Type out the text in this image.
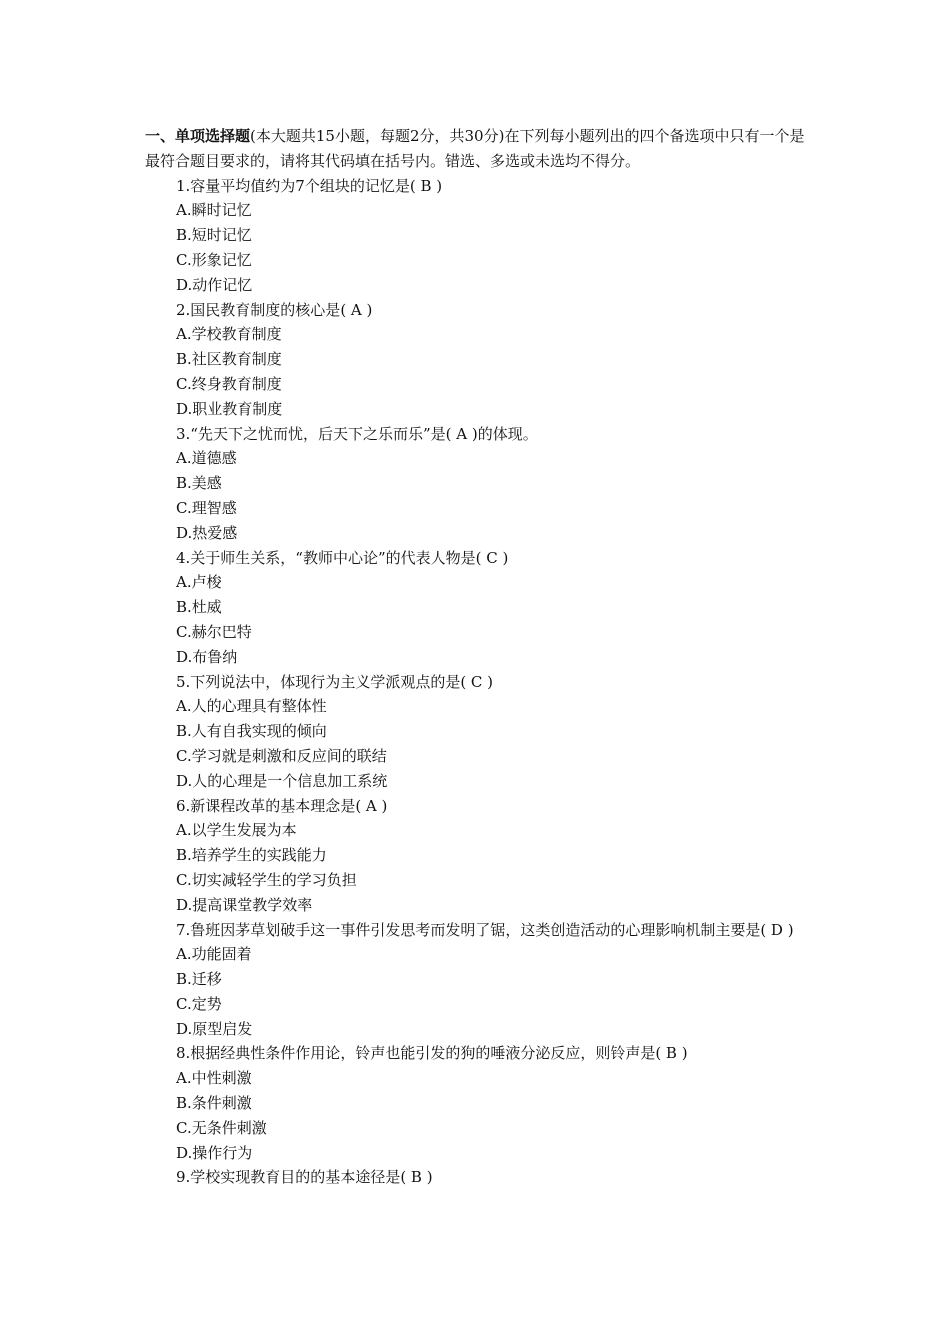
一、单项选择题(本大题共15小题，每题2分，共30分)在下列每小题列出的四个备选项中只有一个是最符合题目要求的，请将其代码填在括号内。错选、多选或未选均不得分。

1.容量平均值约为7个组块的记忆是( B )

A.瞬时记忆

B.短时记忆

C.形象记忆

D.动作记忆

2.国民教育制度的核心是( A )

A.学校教育制度

B.社区教育制度

C.终身教育制度

D.职业教育制度

3.“先天下之忧而忧，后天下之乐而乐”是( A )的体现。

A.道德感

B.美感

C.理智感

D.热爱感

4.关于师生关系，“教师中心论”的代表人物是( C )

A.卢梭

B.杜威

C.赫尔巴特

D.布鲁纳

5.下列说法中，体现行为主义学派观点的是( C )

A.人的心理具有整体性

B.人有自我实现的倾向

C.学习就是刺激和反应间的联结

D.人的心理是一个信息加工系统

6.新课程改革的基本理念是( A )

A.以学生发展为本

B.培养学生的实践能力

C.切实减轻学生的学习负担

D.提高课堂教学效率

7.鲁班因茅草划破手这一事件引发思考而发明了锯，这类创造活动的心理影响机制主要是( D )

A.功能固着

B.迁移

C.定势

D.原型启发

8.根据经典性条件作用论，铃声也能引发的狗的唾液分泌反应，则铃声是( B )

A.中性刺激

B.条件刺激

C.无条件刺激

D.操作行为

9.学校实现教育目的的基本途径是( B )
